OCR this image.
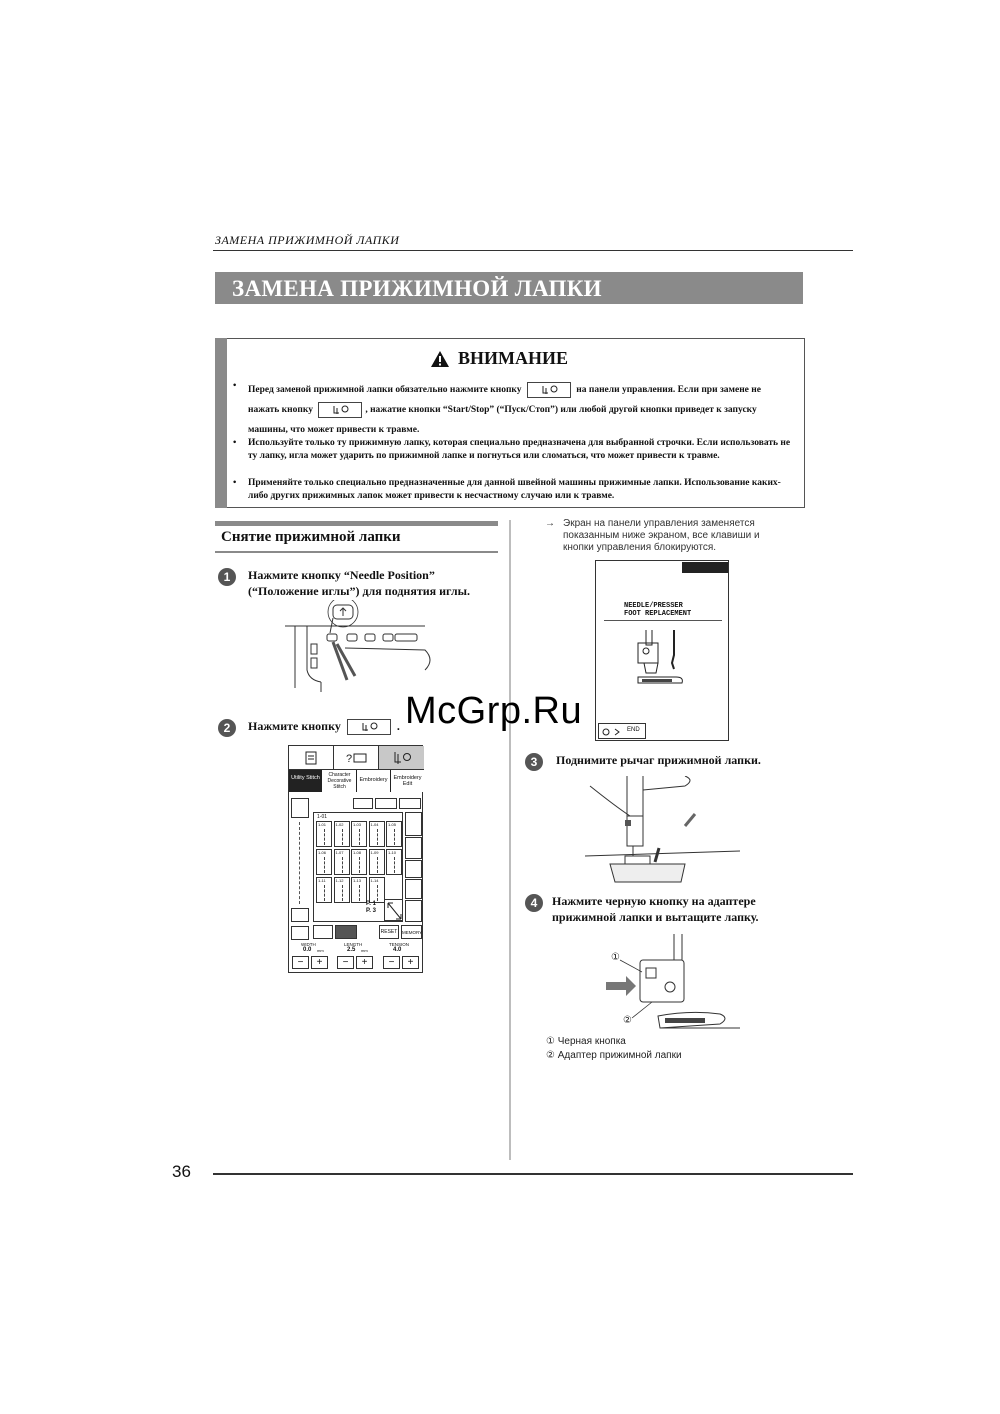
ЗАМЕНА ПРИЖИМНОЙ ЛАПКИ
ЗАМЕНА ПРИЖИМНОЙ ЛАПКИ
ВНИМАНИЕ
• Перед заменой прижимной лапки обязательно нажмите кнопку	на панели управления. Если при замене не
нажать кнопку	, нажатие кнопки “Start/Stop” (“Пуск/Стоп”) или любой другой кнопки приведет к запуску
машины, что может привести к травме.
• Используйте только ту прижимную лапку, которая специально предназначена для выбранной строчки. Если использовать не ту лапку, игла может ударить по прижимной лапке и погнуться или сломаться, что может привести к травме.
• Применяйте только специально предназначенные для данной швейной машины прижимные лапки. Использование каких-либо других прижимных лапок может привести к несчастному случаю или к травме.
Снятие прижимной лапки
1	Нажмите кнопку “Needle Position” (“Положение иглы”) для поднятия иглы.
2	Нажмите кнопку	.
?
Utility Stitch	Character Decorative Stitch
Embroidery	Embroidery Edit
1-01
1-01	1-02	1-03	1-04	1-05
1-06	1-07	1-08	1-09	1-10
1-11	1-12	1-13	1-14
P. 1
P. 3
RESET	MEMORY
WIDTH
0.0 mm
LENGTH
2.5 mm
TENSION
4.0
−	+	−	+	−	+
→ Экран на панели управления заменяется показанным ниже экраном, все клавиши и кнопки управления блокируются.
NEEDLE/PRESSER
FOOT REPLACEMENT
END
3	Поднимите рычаг прижимной лапки.
4	Нажмите черную кнопку на адаптере прижимной лапки и вытащите лапку.
①
②
① Черная кнопка
② Адаптер прижимной лапки
McGrp.Ru
36
